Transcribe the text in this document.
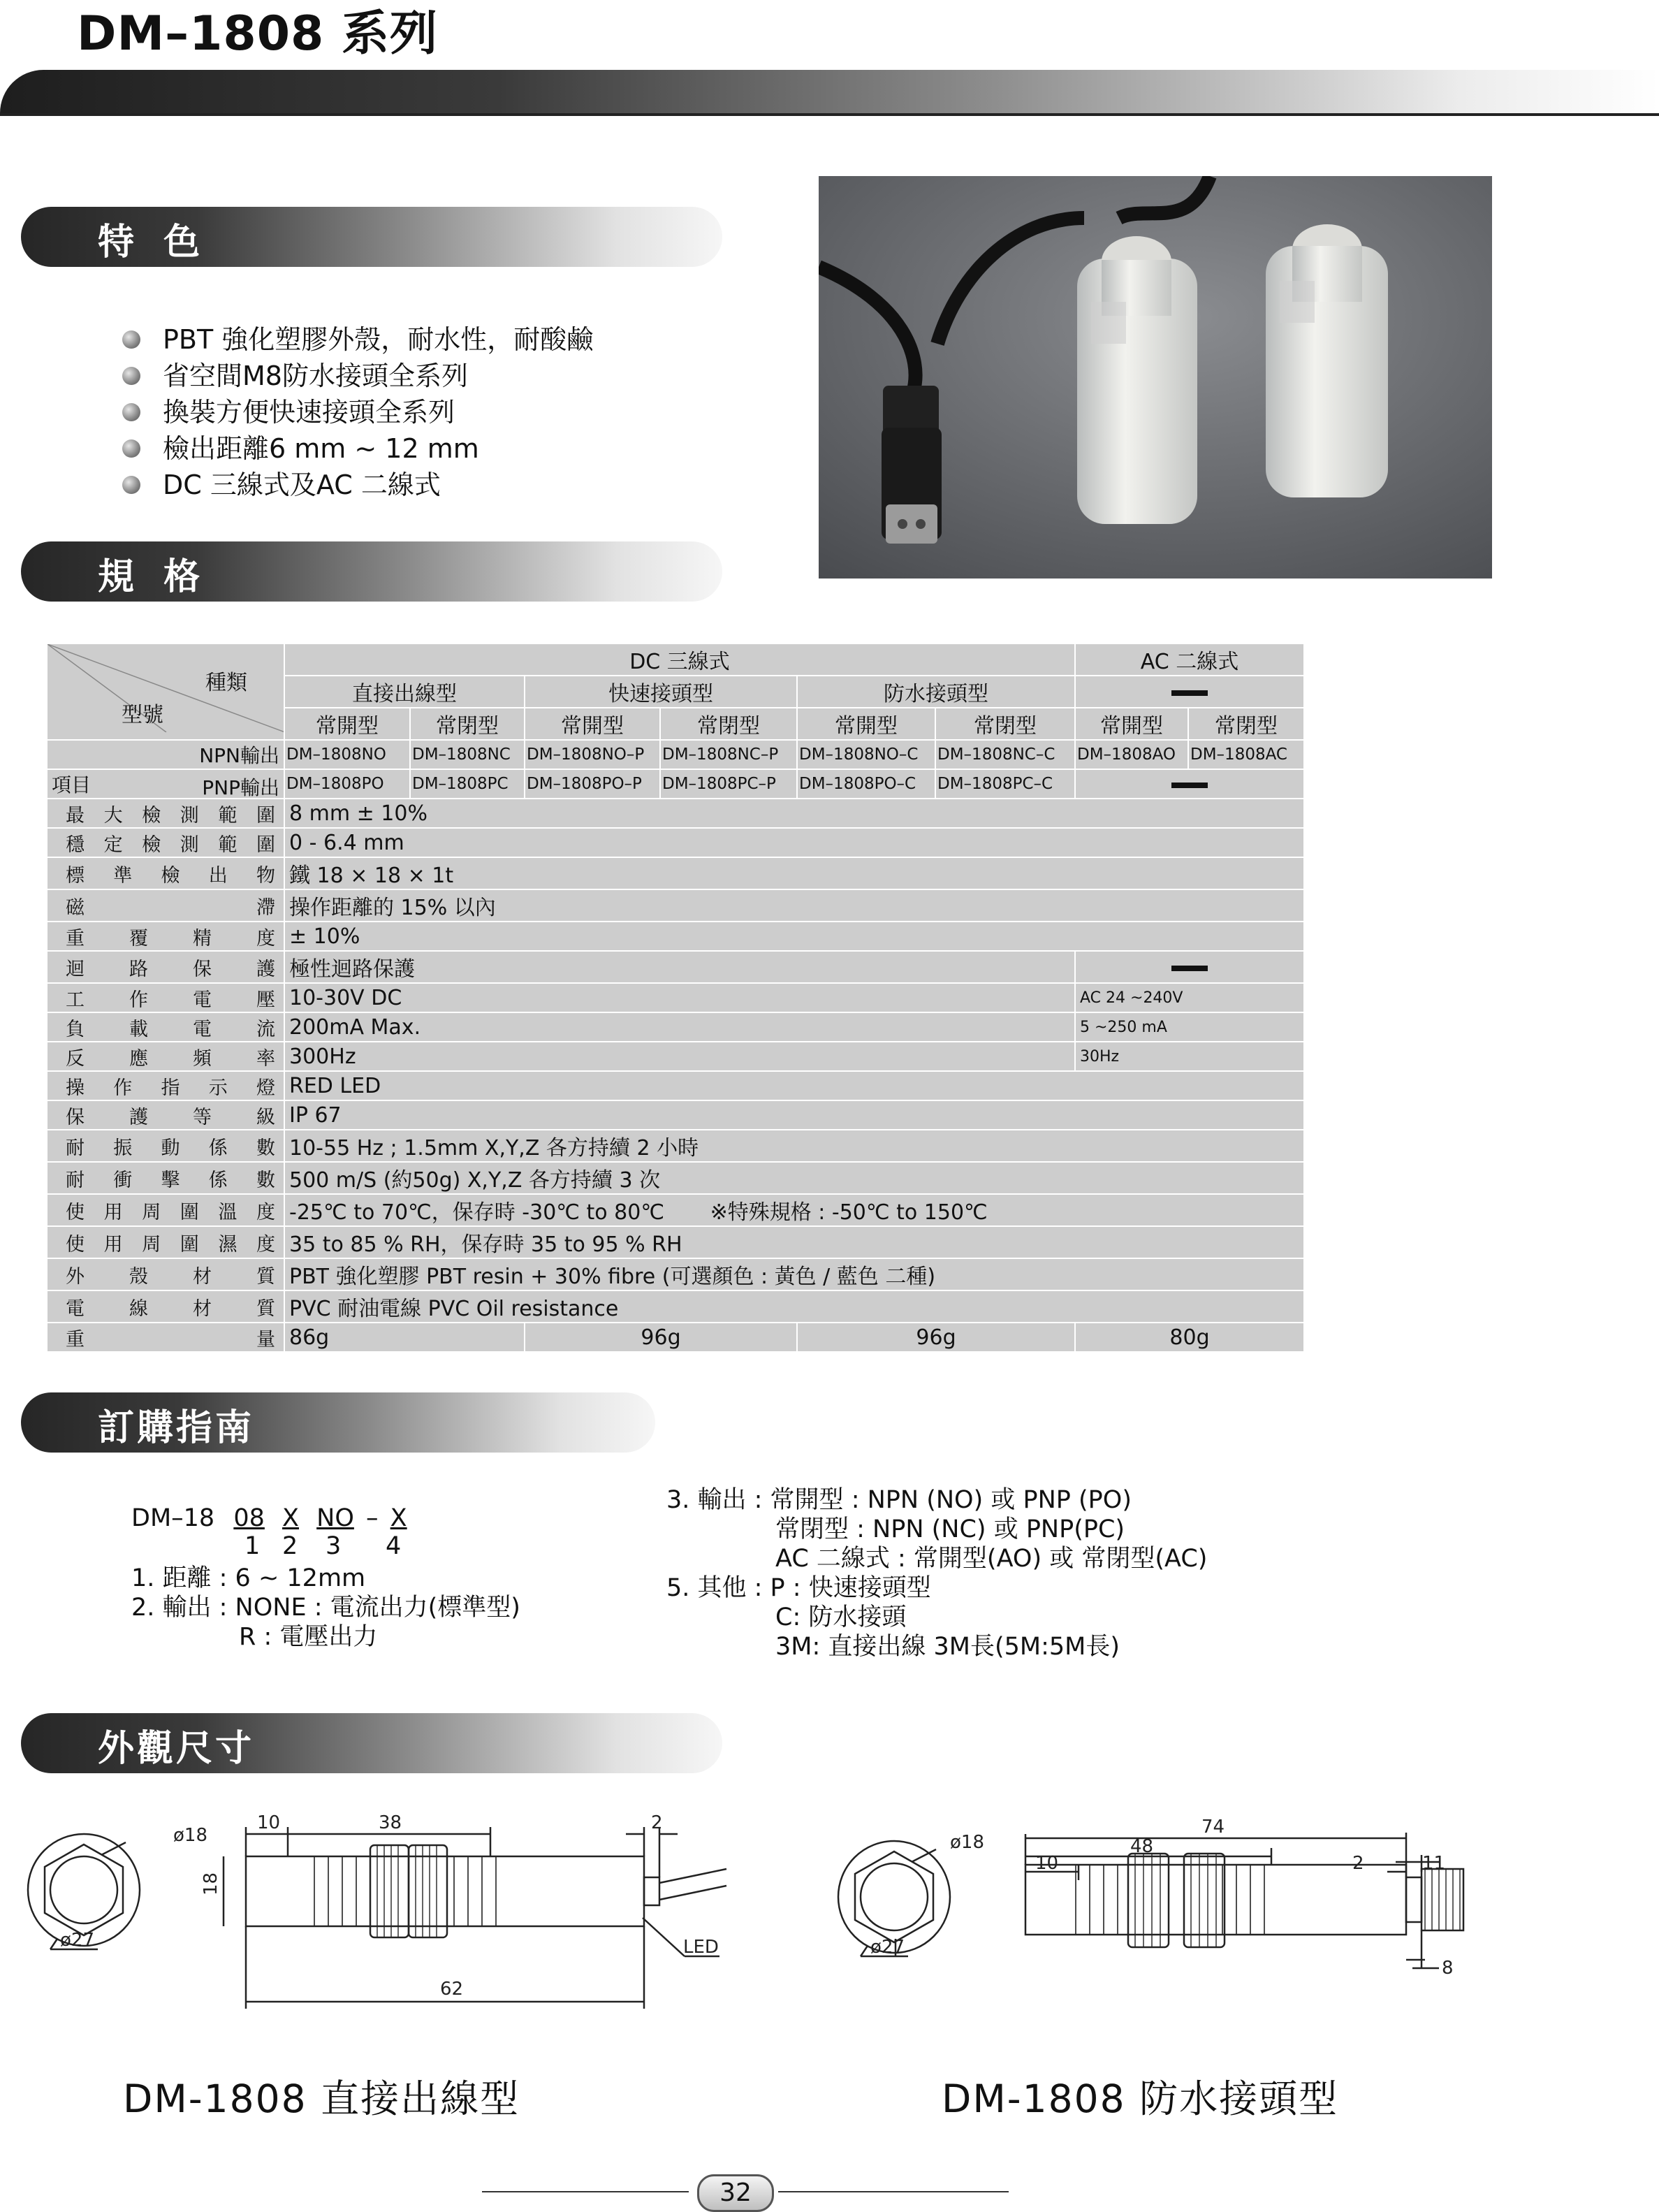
DM–1808 系列
特 色
PBT 強化塑膠外殼，耐水性，耐酸鹼
省空間M8防水接頭全系列
換裝方便快速接頭全系列
檢出距離6 mm ~ 12 mm
DC 三線式及AC 二線式
規 格
種類
型號	DC 三線式						AC 二線式	
	直接出線型		快速接頭型		防水接頭型			
	常開型	常閉型	常開型	常閉型	常開型	常閉型	常開型	常閉型
NPN輸出	DM–1808NO	DM–1808NC	DM–1808NO–P	DM–1808NC–P	DM–1808NO–C	DM–1808NC–C	DM–1808AO	DM–1808AC
項目 PNP輸出	DM–1808PO	DM–1808PC	DM–1808PO–P	DM–1808PC–P	DM–1808PO–C	DM–1808PC–C		
最大檢測範圍	8 mm ± 10%							
穩定檢測範圍	0 - 6.4 mm							
標準檢出物	鐵 18 × 18 × 1t							
磁滯	操作距離的 15% 以內							
重覆精度	± 10%							
迴路保護	極性迴路保護							
工作電壓	10-30V DC						AC 24 ~240V	
負載電流	200mA Max.						5 ~250 mA	
反應頻率	300Hz						30Hz	
操作指示燈	RED LED							
保護等級	IP 67							
耐振動係數	10-55 Hz ; 1.5mm X,Y,Z 各方持續 2 小時							
耐衝擊係數	500 m/S (約50g) X,Y,Z 各方持續 3 次							
使用周圍溫度	-25℃ to 70℃，保存時 -30℃ to 80℃ ※特殊規格 : -50℃ to 150℃							
使用周圍濕度	35 to 85 % RH，保存時 35 to 95 % RH							
外殼材質	PBT 強化塑膠 PBT resin + 30% fibre (可選顏色 : 黃色 / 藍色 二種)							
電線材質	PVC 耐油電線 PVC Oil resistance							
重量	86g		96g		96g		80g	
訂購指南
DM–18 08 X NO – X
1 2 3 4
1. 距離 : 6 ~ 12mm
2. 輸出 : NONE : 電流出力(標準型)
R : 電壓出力
3. 輸出 : 常開型 : NPN (NO) 或 PNP (PO)
常閉型 : NPN (NC) 或 PNP(PC)
AC 二線式 : 常開型(AO) 或 常閉型(AC)
5. 其他 : P : 快速接頭型
C: 防水接頭
3M: 直接出線 3M長(5M:5M長)
外觀尺寸
ø18
ø27
10	38	2
18
62
LED
ø18
ø27
74
48
10	2	11
8
DM-1808 直接出線型	DM-1808 防水接頭型
32
